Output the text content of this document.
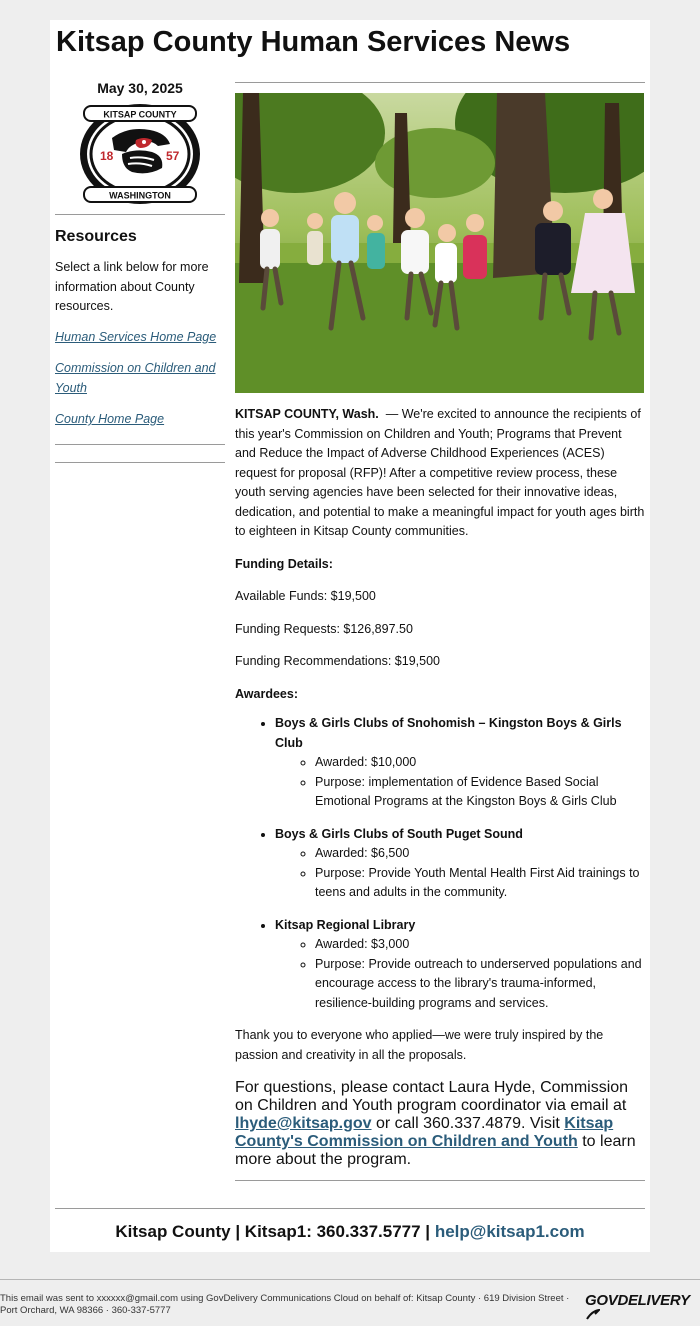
Kitsap County Human Services News
May 30, 2025
KITSAP COUNTY
WASHINGTON
18	57
Resources

Select a link below for more information about County resources.

Human Services Home Page
Commission on Children and Youth
County Home Page	KITSAP COUNTY, Wash. — We're excited to announce the recipients of this year's Commission on Children and Youth; Programs that Prevent and Reduce the Impact of Adverse Childhood Experiences (ACES) request for proposal (RFP)! After a competitive review process, these youth serving agencies have been selected for their innovative ideas, dedication, and potential to make a meaningful impact for youth ages birth to eighteen in Kitsap County communities.

Funding Details:
Available Funds: $19,500
Funding Requests: $126,897.50
Funding Recommendations: $19,500
Awardees:
• Boys & Girls Clubs of Snohomish – Kingston Boys & Girls Club
◦ Awarded: $10,000
◦ Purpose: implementation of Evidence Based Social Emotional Programs at the Kingston Boys & Girls Club
• Boys & Girls Clubs of South Puget Sound
◦ Awarded: $6,500
◦ Purpose: Provide Youth Mental Health First Aid trainings to teens and adults in the community.
• Kitsap Regional Library
◦ Awarded: $3,000
◦ Purpose: Provide outreach to underserved populations and encourage access to the library's trauma-informed, resilience-building programs and services.

Thank you to everyone who applied—we were truly inspired by the passion and creativity in all the proposals.

For questions, please contact Laura Hyde, Commission on Children and Youth program coordinator via email at lhyde@kitsap.gov or call 360.337.4879. Visit Kitsap County's Commission on Children and Youth to learn more about the program.

Kitsap County | Kitsap1: 360.337.5777 | help@kitsap1.com
This email was sent to xxxxxx@gmail.com using GovDelivery Communications Cloud on behalf of: Kitsap County · 619 Division Street · Port Orchard, WA 98366 · 360-337-5777
GOVDELIVERY
